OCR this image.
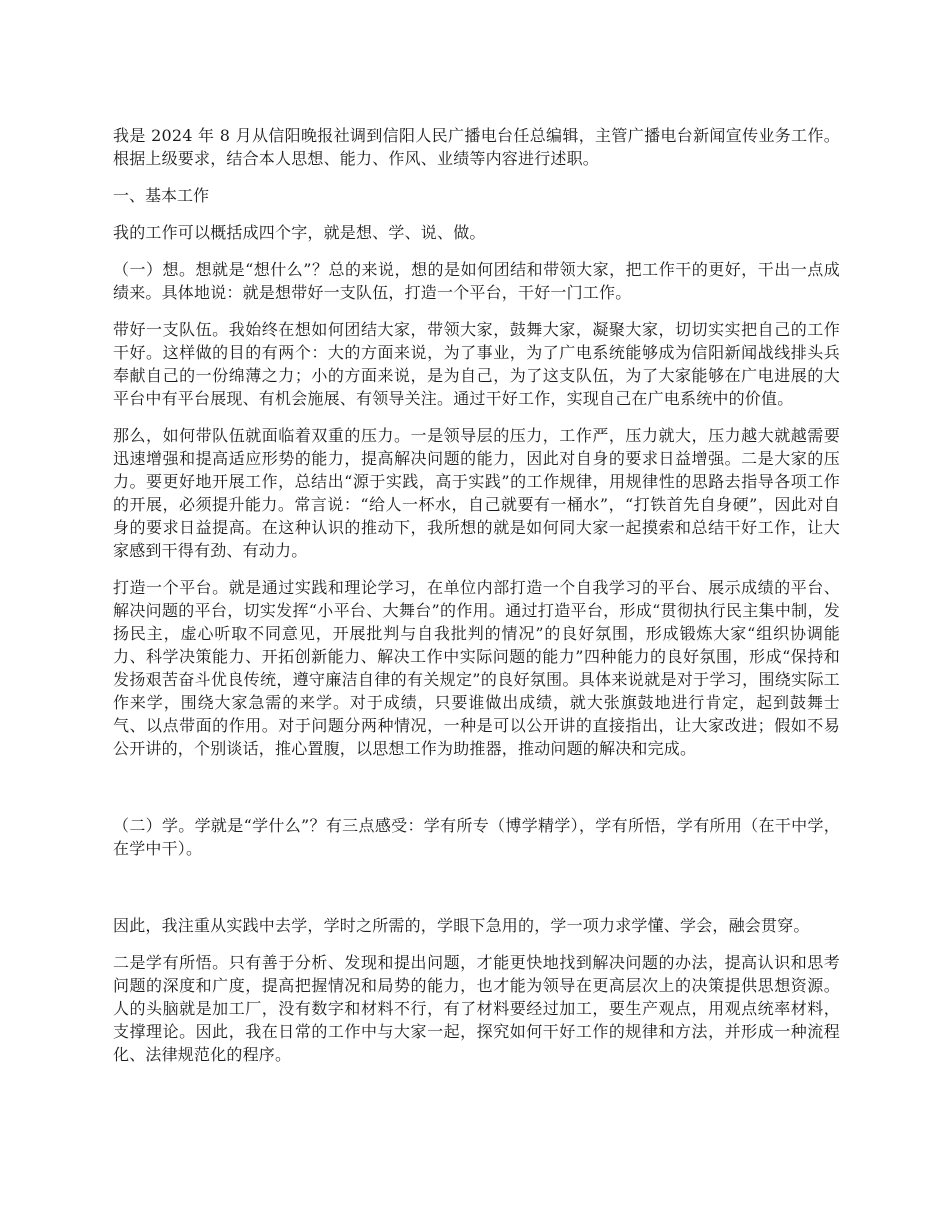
我是 2024 年 8 月从信阳晚报社调到信阳人民广播电台任总编辑，主管广播电台新闻宣传业务工作。根据上级要求，结合本人思想、能力、作风、业绩等内容进行述职。

一、基本工作

我的工作可以概括成四个字，就是想、学、说、做。

（一）想。想就是“想什么”？总的来说，想的是如何团结和带领大家，把工作干的更好，干出一点成绩来。具体地说：就是想带好一支队伍，打造一个平台，干好一门工作。

带好一支队伍。我始终在想如何团结大家，带领大家，鼓舞大家，凝聚大家，切切实实把自己的工作干好。这样做的目的有两个：大的方面来说，为了事业，为了广电系统能够成为信阳新闻战线排头兵奉献自己的一份绵薄之力；小的方面来说，是为自己，为了这支队伍，为了大家能够在广电进展的大平台中有平台展现、有机会施展、有领导关注。通过干好工作，实现自己在广电系统中的价值。

那么，如何带队伍就面临着双重的压力。一是领导层的压力，工作严，压力就大，压力越大就越需要迅速增强和提高适应形势的能力，提高解决问题的能力，因此对自身的要求日益增强。二是大家的压力。要更好地开展工作，总结出“源于实践，高于实践”的工作规律，用规律性的思路去指导各项工作的开展，必须提升能力。常言说：“给人一杯水，自己就要有一桶水”，“打铁首先自身硬”，因此对自身的要求日益提高。在这种认识的推动下，我所想的就是如何同大家一起摸索和总结干好工作，让大家感到干得有劲、有动力。

打造一个平台。就是通过实践和理论学习，在单位内部打造一个自我学习的平台、展示成绩的平台、解决问题的平台，切实发挥“小平台、大舞台”的作用。通过打造平台，形成“贯彻执行民主集中制，发扬民主，虚心听取不同意见，开展批判与自我批判的情况”的良好氛围，形成锻炼大家“组织协调能力、科学决策能力、开拓创新能力、解决工作中实际问题的能力”四种能力的良好氛围，形成“保持和发扬艰苦奋斗优良传统，遵守廉洁自律的有关规定”的良好氛围。具体来说就是对于学习，围绕实际工作来学，围绕大家急需的来学。对于成绩，只要谁做出成绩，就大张旗鼓地进行肯定，起到鼓舞士气、以点带面的作用。对于问题分两种情况，一种是可以公开讲的直接指出，让大家改进；假如不易公开讲的，个别谈话，推心置腹，以思想工作为助推器，推动问题的解决和完成。

（二）学。学就是“学什么”？有三点感受：学有所专（博学精学），学有所悟，学有所用（在干中学，在学中干）。

因此，我注重从实践中去学，学时之所需的，学眼下急用的，学一项力求学懂、学会，融会贯穿。

二是学有所悟。只有善于分析、发现和提出问题，才能更快地找到解决问题的办法，提高认识和思考问题的深度和广度，提高把握情况和局势的能力，也才能为领导在更高层次上的决策提供思想资源。人的头脑就是加工厂，没有数字和材料不行，有了材料要经过加工，要生产观点，用观点统率材料，支撑理论。因此，我在日常的工作中与大家一起，探究如何干好工作的规律和方法，并形成一种流程化、法律规范化的程序。
